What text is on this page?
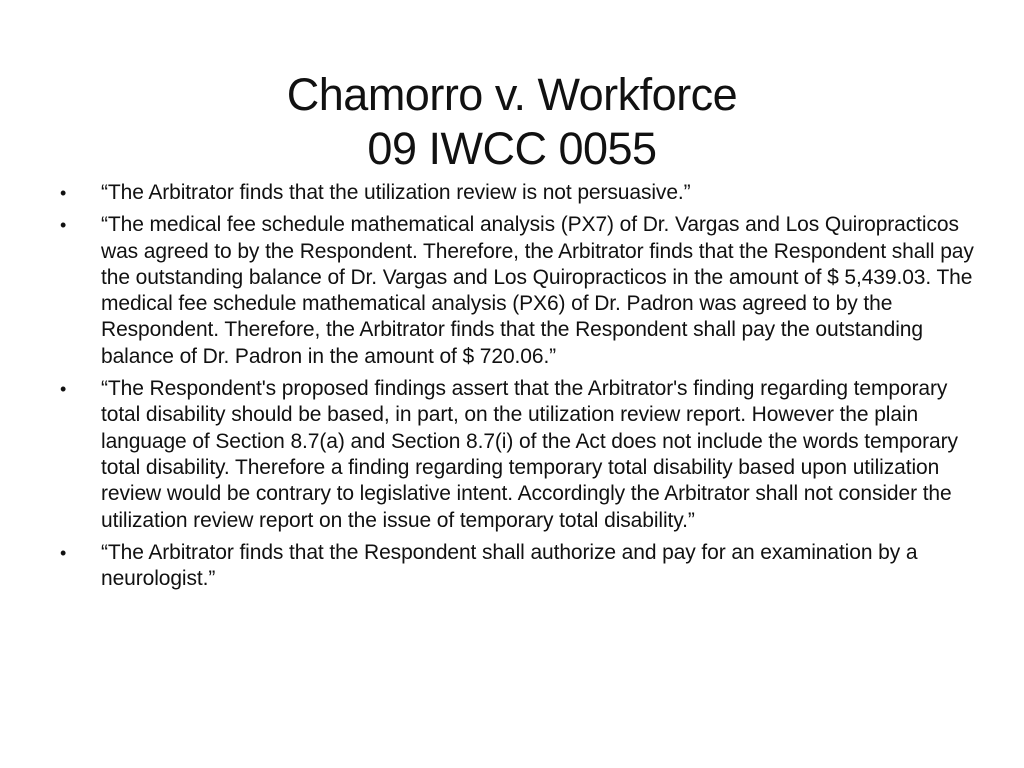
Chamorro v. Workforce
09 IWCC 0055
• “The Arbitrator finds that the utilization review is not persuasive.”
• “The medical fee schedule mathematical analysis (PX7) of Dr. Vargas and Los Quiropracticos was agreed to by the Respondent. Therefore, the Arbitrator finds that the Respondent shall pay the outstanding balance of Dr. Vargas and Los Quiropracticos in the amount of $ 5,439.03. The medical fee schedule mathematical analysis (PX6) of Dr. Padron was agreed to by the Respondent. Therefore, the Arbitrator finds that the Respondent shall pay the outstanding balance of Dr. Padron in the amount of $ 720.06.”
• “The Respondent's proposed findings assert that the Arbitrator's finding regarding temporary total disability should be based, in part, on the utilization review report. However the plain language of Section 8.7(a) and Section 8.7(i) of the Act does not include the words temporary total disability. Therefore a finding regarding temporary total disability based upon utilization review would be contrary to legislative intent. Accordingly the Arbitrator shall not consider the utilization review report on the issue of temporary total disability.”
• “The Arbitrator finds that the Respondent shall authorize and pay for an examination by a neurologist.”
